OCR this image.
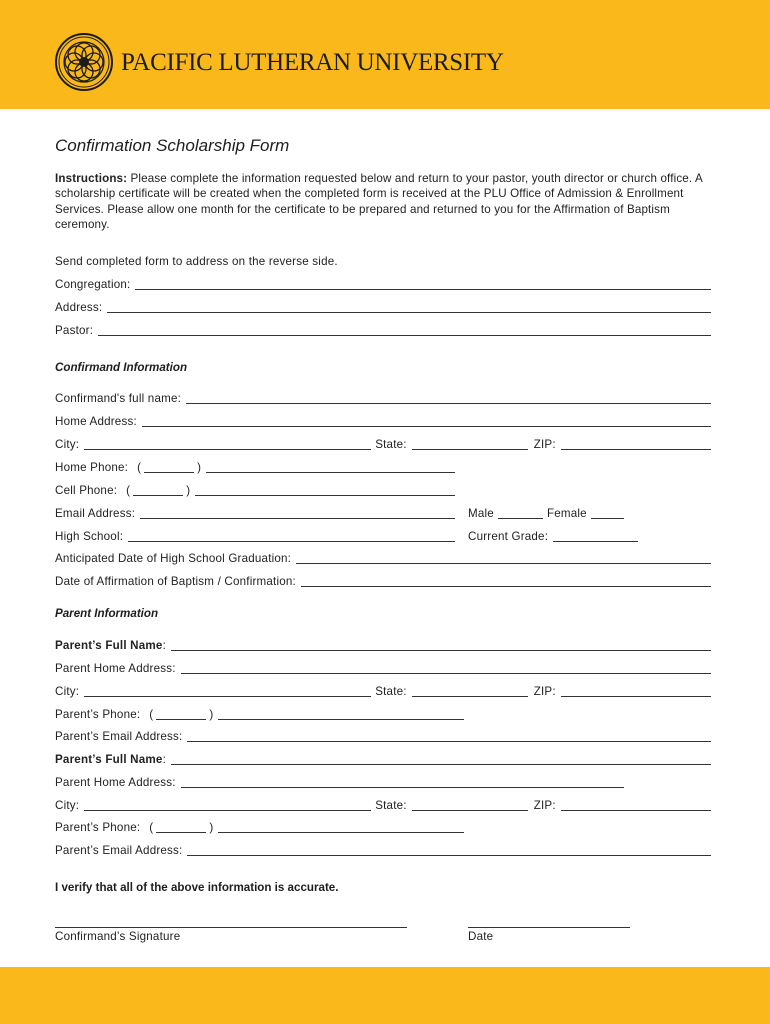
PACIFIC LUTHERAN UNIVERSITY
Confirmation Scholarship Form
Instructions: Please complete the information requested below and return to your pastor, youth director or church office. A scholarship certificate will be created when the completed form is received at the PLU Office of Admission & Enrollment Services. Please allow one month for the certificate to be prepared and returned to you for the Affirmation of Baptism ceremony.
Send completed form to address on the reverse side.
Congregation:
Address:
Pastor:
Confirmand Information
Confirmand's full name:
Home Address:
City:	State:	ZIP:
Home Phone: (	)
Cell Phone: (	)
Email Address:	Male	Female
High School:	Current Grade:
Anticipated Date of High School Graduation:
Date of Affirmation of Baptism / Confirmation:
Parent Information
Parent’s Full Name :
Parent Home Address:
City:	State:	ZIP:
Parent’s Phone: (	)
Parent’s Email Address:
Parent’s Full Name :
Parent Home Address:
City:	State:	ZIP:
Parent’s Phone: (	)
Parent’s Email Address:
I verify that all of the above information is accurate.
Confirmand’s Signature	Date
